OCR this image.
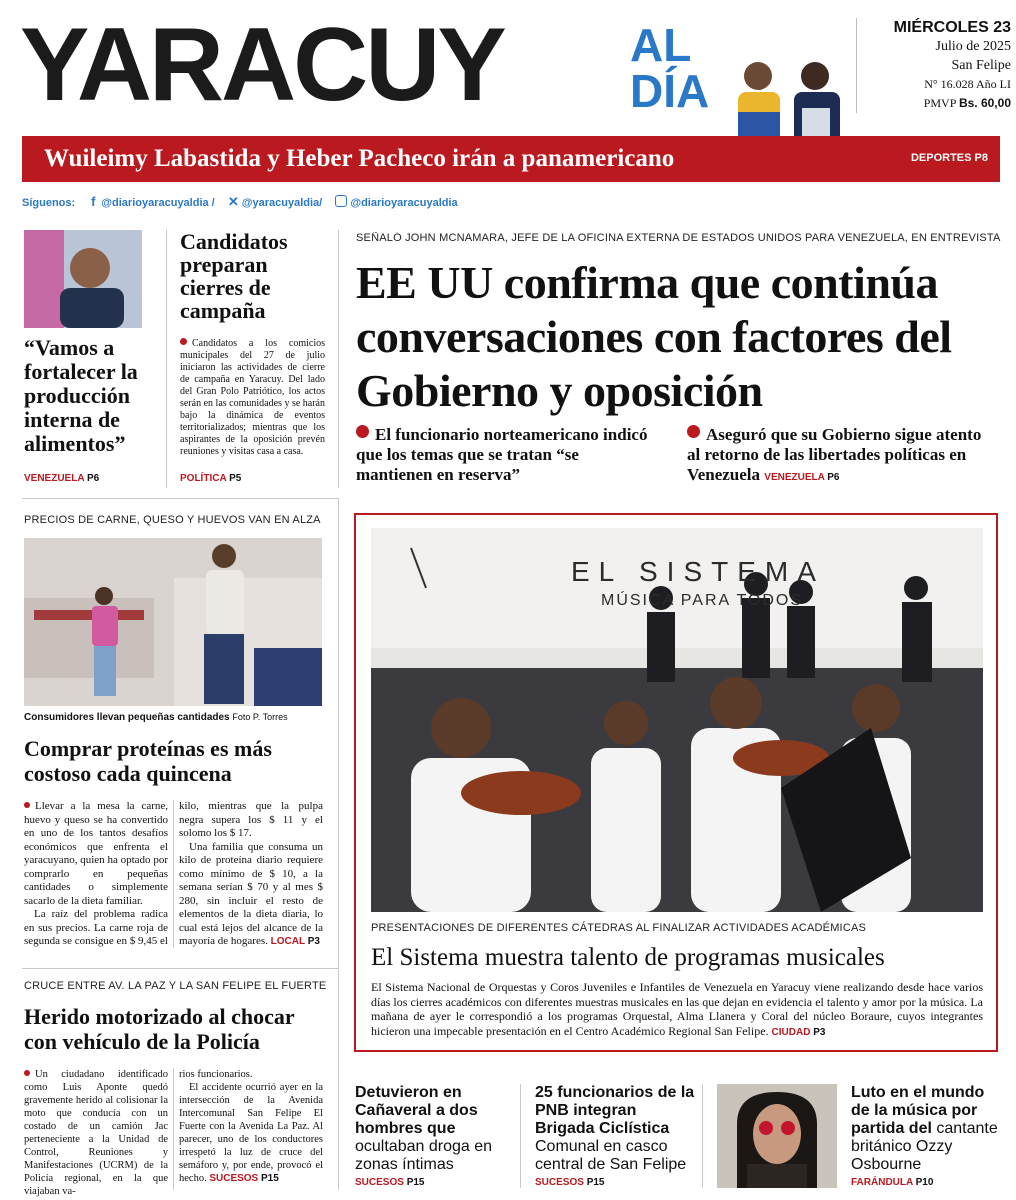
YARACUY	AL
DÍA
MIÉRCOLES 23
Julio de 2025
San Felipe
N° 16.028 Año LI
PMVP Bs. 60,00
Wuileimy Labastida y Heber Pacheco irán a panamericano	DEPORTES P8
Síguenos: f @diarioyaracuyaldia / ✕ @yaracuyaldia/	@diarioyaracuyaldia
“Vamos a fortalecer la producción interna de alimentos”
VENEZUELA P6
Candidatos preparan cierres de campaña
Candidatos a los comicios municipales del 27 de julio iniciaron las actividades de cierre de campaña en Yaracuy. Del lado del Gran Polo Patriótico, los actos serán en las comunidades y se harán bajo la dinámica de eventos territorializados; mientras que los aspirantes de la oposición prevén reuniones y visitas casa a casa.
POLÍTICA P5
SEÑALÓ JOHN MCNAMARA, JEFE DE LA OFICINA EXTERNA DE ESTADOS UNIDOS PARA VENEZUELA, EN ENTREVISTA
EE UU confirma que continúa conversaciones con factores del Gobierno y oposición
El funcionario norteamericano indicó que los temas que se tratan “se mantienen en reserva”
Aseguró que su Gobierno sigue atento al retorno de las libertades políticas en Venezuela VENEZUELA P6
PRECIOS DE CARNE, QUESO Y HUEVOS VAN EN ALZA
Consumidores llevan pequeñas cantidades Foto P. Torres
Comprar proteínas es más costoso cada quincena
Llevar a la mesa la carne, huevo y queso se ha convertido en uno de los tantos desafíos económicos que enfrenta el yaracuyano, quien ha optado por comprarlo en pequeñas cantidades o simplemente sacarlo de la dieta familiar.
La raíz del problema radica en sus precios. La carne roja de segunda se consigue en $ 9,45 el
kilo, mientras que la pulpa negra supera los $ 11 y el solomo los $ 17.
Una familia que consuma un kilo de proteína diario requiere como mínimo de $ 10, a la semana serían $ 70 y al mes $ 280, sin incluir el resto de elementos de la dieta diaria, lo cual está lejos del alcance de la mayoría de hogares. LOCAL P3
CRUCE ENTRE AV. LA PAZ Y LA SAN FELIPE EL FUERTE
Herido motorizado al chocar con vehículo de la Policía
Un ciudadano identificado como Luis Aponte quedó gravemente herido al colisionar la moto que conducía con un costado de un camión Jac perteneciente a la Unidad de Control, Reuniones y Manifestaciones (UCRM) de la Policía regional, en la que viajaban va-
rios funcionarios.
El accidente ocurrió ayer en la intersección de la Avenida Intercomunal San Felipe El Fuerte con la Avenida La Paz. Al parecer, uno de los conductores irrespetó la luz de cruce del semáforo y, por ende, provocó el hecho. SUCESOS P15
EL SISTEMA
MÚSICA PARA TODOS
PRESENTACIONES DE DIFERENTES CÁTEDRAS AL FINALIZAR ACTIVIDADES ACADÉMICAS
El Sistema muestra talento de programas musicales
El Sistema Nacional de Orquestas y Coros Juveniles e Infantiles de Venezuela en Yaracuy viene realizando desde hace varios días los cierres académicos con diferentes muestras musicales en las que dejan en evidencia el talento y amor por la música. La mañana de ayer le correspondió a los programas Orquestal, Alma Llanera y Coral del núcleo Boraure, cuyos integrantes hicieron una impecable presentación en el Centro Académico Regional San Felipe. CIUDAD P3
Detuvieron en Cañaveral a dos hombres que ocultaban droga en zonas íntimas
SUCESOS P15
25 funcionarios de la PNB integran Brigada Ciclística Comunal en casco central de San Felipe
SUCESOS P15
Luto en el mundo de la música por partida del cantante británico Ozzy Osbourne
FARÁNDULA P10
